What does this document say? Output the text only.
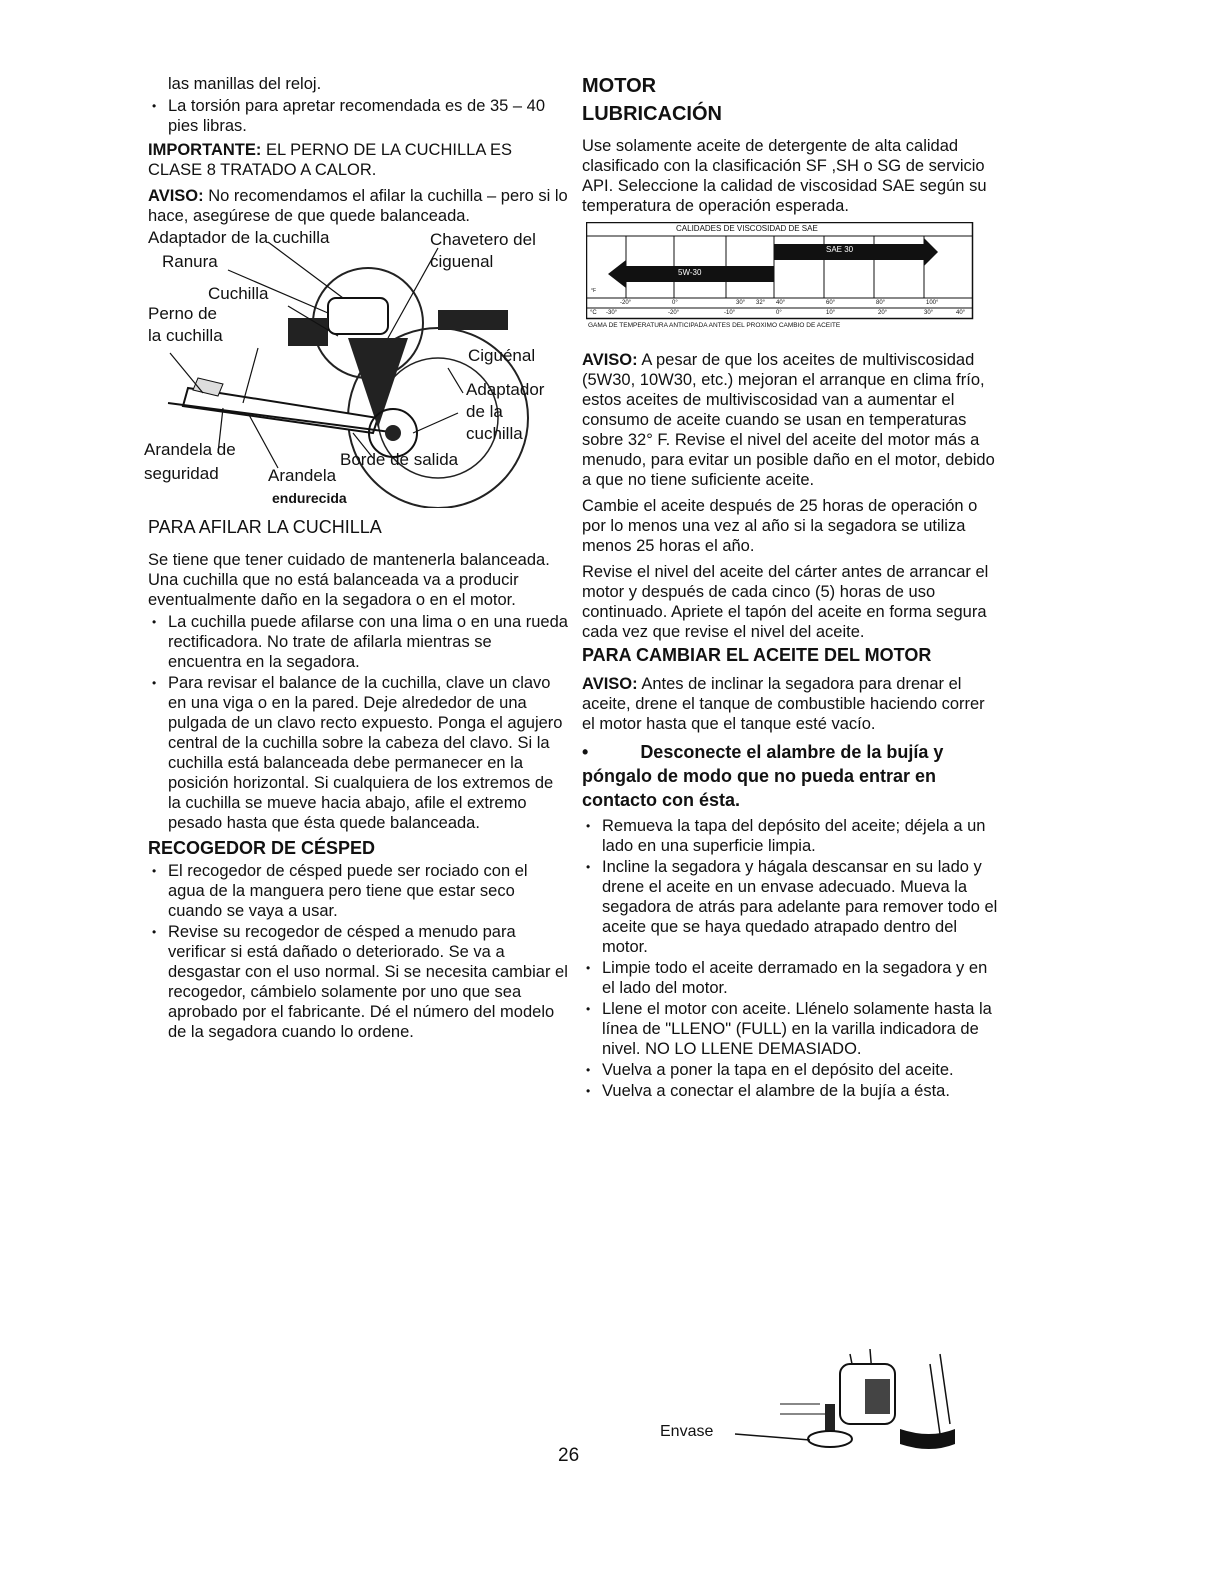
las manillas del reloj.

• La torsión para apretar recomendada es de 35 – 40 pies libras.

IMPORTANTE: EL PERNO DE LA CUCHILLA ES CLASE 8 TRATADO A CALOR.

AVISO: No recomendamos el afilar la cuchilla – pero si lo hace, asegúrese de que quede balanceada.

Adaptador de la cuchilla	Chavetero del
ciguenal
Ranura
Cuchilla
Perno de
la cuchilla
Ciguénal
Adaptador
de la
cuchilla
Arandela de
seguridad
Borde de salida
Arandela
endurecida
PARA AFILAR LA CUCHILLA

Se tiene que tener cuidado de mantenerla balanceada. Una cuchilla que no está balanceada va a producir eventualmente daño en la segadora o en el motor.

• La cuchilla puede afilarse con una lima o en una rueda rectificadora. No trate de afilarla mientras se encuentra en la segadora.
• Para revisar el balance de la cuchilla, clave un clavo en una viga o en la pared. Deje alrededor de una pulgada de un clavo recto expuesto. Ponga el agujero central de la cuchilla sobre la cabeza del clavo. Si la cuchilla está balanceada debe permanecer en la posición horizontal. Si cualquiera de los extremos de la cuchilla se mueve hacia abajo, afile el extremo pesado hasta que ésta quede balanceada.
RECOGEDOR DE CÉSPED
• El recogedor de césped puede ser rociado con el agua de la manguera pero tiene que estar seco cuando se vaya a usar.
• Revise su recogedor de césped a menudo para verificar si está dañado o deteriorado. Se va a desgastar con el uso normal. Si se necesita cambiar el recogedor, cámbielo solamente por uno que sea aprobado por el fabricante. Dé el número del modelo de la segadora cuando lo ordene.
MOTOR
LUBRICACIÓN

Use solamente aceite de detergente de alta calidad clasificado con la clasificación SF ,SH o SG de servicio API. Seleccione la calidad de viscosidad SAE según su temperatura de operación esperada.

°F
CALIDADES DE VISCOSIDAD DE SAE
SAE 30
5W-30
-20°	0°	30° 32° 40°	60°	80°	100°
°C -30°	-20°	-10°	0°	10°	20°	30°	40°
GAMA DE TEMPERATURA ANTICIPADA ANTES DEL PROXIMO CAMBIO DE ACEITE

AVISO: A pesar de que los aceites de multiviscosidad (5W30, 10W30, etc.) mejoran el arranque en clima frío, estos aceites de multiviscosidad van a aumentar el consumo de aceite cuando se usan en temperaturas sobre 32° F. Revise el nivel del aceite del motor más a menudo, para evitar un posible daño en el motor, debido a que no tiene suficiente aceite.

Cambie el aceite después de 25 horas de operación o por lo menos una vez al año si la segadora se utiliza menos 25 horas el año.

Revise el nivel del aceite del cárter antes de arrancar el motor y después de cada cinco (5) horas de uso continuado. Apriete el tapón del aceite en forma segura cada vez que revise el nivel del aceite.

PARA CAMBIAR EL ACEITE DEL MOTOR

AVISO: Antes de inclinar la segadora para drenar el aceite, drene el tanque de combustible haciendo correr el motor hasta que el tanque esté vacío.

•	Desconecte el alambre de la bujía y póngalo de modo que no pueda entrar en contacto con ésta.
• Remueva la tapa del depósito del aceite; déjela a un lado en una superficie limpia.
• Incline la segadora y hágala descansar en su lado y drene el aceite en un envase adecuado. Mueva la segadora de atrás para adelante para remover todo el aceite que se haya quedado atrapado dentro del motor.
• Limpie todo el aceite derramado en la segadora y en el lado del motor.
• Llene el motor con aceite. Llénelo solamente hasta la línea de "LLENO" (FULL) en la varilla indicadora de nivel. NO LO LLENE DEMASIADO.
• Vuelva a poner la tapa en el depósito del aceite.
• Vuelva a conectar el alambre de la bujía a ésta.
Envase
26
